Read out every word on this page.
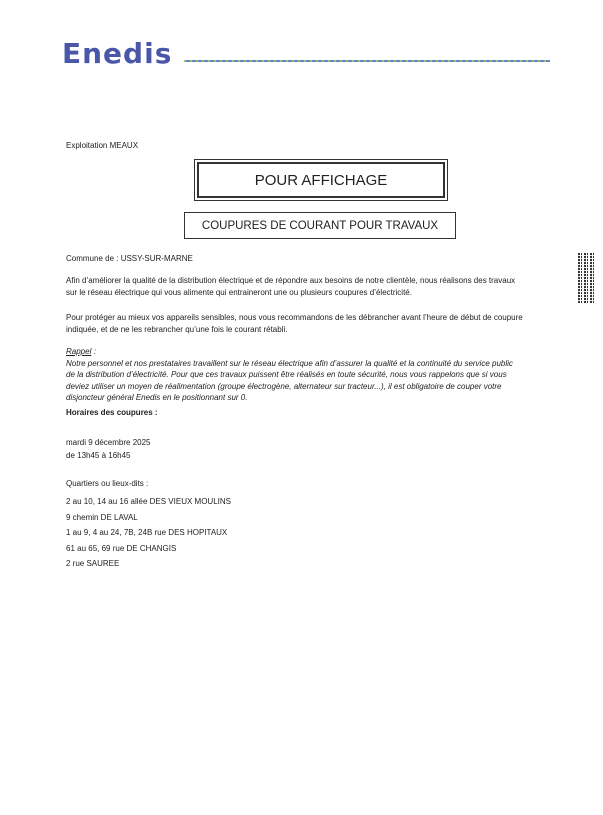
Enedis
Exploitation MEAUX
POUR AFFICHAGE
COUPURES DE COURANT POUR TRAVAUX
Commune de : USSY-SUR-MARNE
Afin d’améliorer la qualité de la distribution électrique et de répondre aux besoins de notre clientèle, nous réalisons des travaux
sur le réseau électrique qui vous alimente qui entraineront une ou plusieurs coupures d’électricité.
Pour protéger au mieux vos appareils sensibles, nous vous recommandons de les débrancher avant l’heure de début de coupure
indiquée, et de ne les rebrancher qu’une fois le courant rétabli.
Rappel :
Notre personnel et nos prestataires travaillent sur le réseau électrique afin d’assurer la qualité et la continuité du service public
de la distribution d’électricité. Pour que ces travaux puissent être réalisés en toute sécurité, nous vous rappelons que si vous
deviez utiliser un moyen de réalimentation (groupe électrogène, alternateur sur tracteur...), il est obligatoire de couper votre
disjoncteur général Enedis en le positionnant sur 0.
Horaires des coupures :
mardi 9 décembre 2025
de 13h45 à 16h45
Quartiers ou lieux-dits :
2 au 10, 14 au 16 allée DES VIEUX MOULINS
9 chemin DE LAVAL
1 au 9, 4 au 24, 7B, 24B rue DES HOPITAUX
61 au 65, 69 rue DE CHANGIS
2 rue SAUREE
